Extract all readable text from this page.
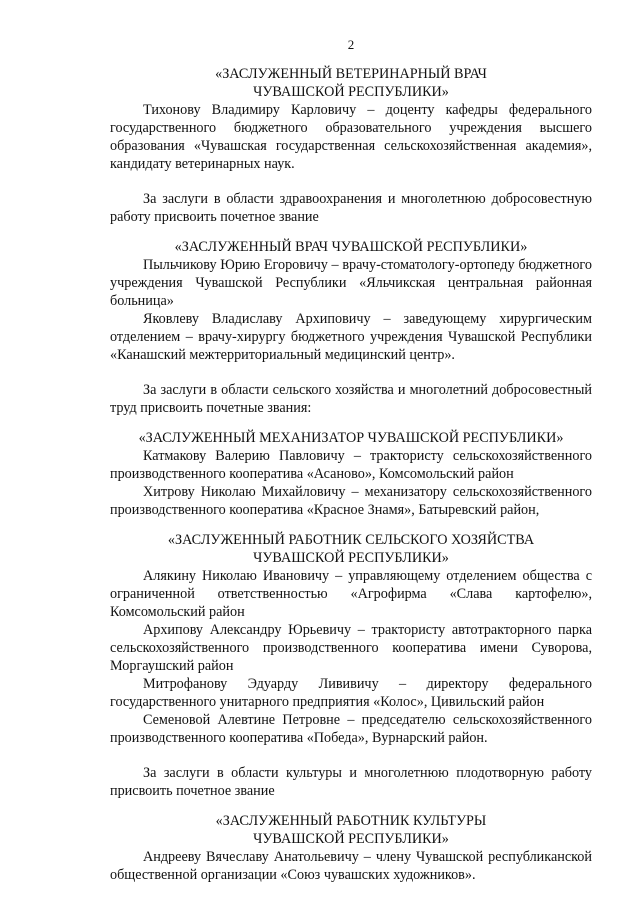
2
«ЗАСЛУЖЕННЫЙ ВЕТЕРИНАРНЫЙ ВРАЧ
ЧУВАШСКОЙ РЕСПУБЛИКИ»

Тихонову Владимиру Карловичу – доценту кафедры федерального государственного бюджетного образовательного учреждения высшего образования «Чувашская государственная сельскохозяйственная академия», кандидату ветеринарных наук.

За заслуги в области здравоохранения и многолетнюю добросовестную работу присвоить почетное звание

«ЗАСЛУЖЕННЫЙ ВРАЧ ЧУВАШСКОЙ РЕСПУБЛИКИ»

Пыльчикову Юрию Егоровичу – врачу-стоматологу-ортопеду бюджетного учреждения Чувашской Республики «Яльчикская центральная районная больница»

Яковлеву Владиславу Архиповичу – заведующему хирургическим отделением – врачу-хирургу бюджетного учреждения Чувашской Республики «Канашский межтерриториальный медицинский центр».

За заслуги в области сельского хозяйства и многолетний добросовестный труд присвоить почетные звания:

«ЗАСЛУЖЕННЫЙ МЕХАНИЗАТОР ЧУВАШСКОЙ РЕСПУБЛИКИ»

Катмакову Валерию Павловичу – трактористу сельскохозяйственного производственного кооператива «Асаново», Комсомольский район

Хитрову Николаю Михайловичу – механизатору сельскохозяйственного производственного кооператива «Красное Знамя», Батыревский район,

«ЗАСЛУЖЕННЫЙ РАБОТНИК СЕЛЬСКОГО ХОЗЯЙСТВА
ЧУВАШСКОЙ РЕСПУБЛИКИ»

Алякину Николаю Ивановичу – управляющему отделением общества с ограниченной ответственностью «Агрофирма «Слава картофелю», Комсомольский район

Архипову Александру Юрьевичу – трактористу автотракторного парка сельскохозяйственного производственного кооператива имени Суворова, Моргаушский район

Митрофанову Эдуарду Лививичу – директору федерального государственного унитарного предприятия «Колос», Цивильский район

Семеновой Алевтине Петровне – председателю сельскохозяйственного производственного кооператива «Победа», Вурнарский район.

За заслуги в области культуры и многолетнюю плодотворную работу присвоить почетное звание

«ЗАСЛУЖЕННЫЙ РАБОТНИК КУЛЬТУРЫ
ЧУВАШСКОЙ РЕСПУБЛИКИ»

Андрееву Вячеславу Анатольевичу – члену Чувашской республиканской общественной организации «Союз чувашских художников».
